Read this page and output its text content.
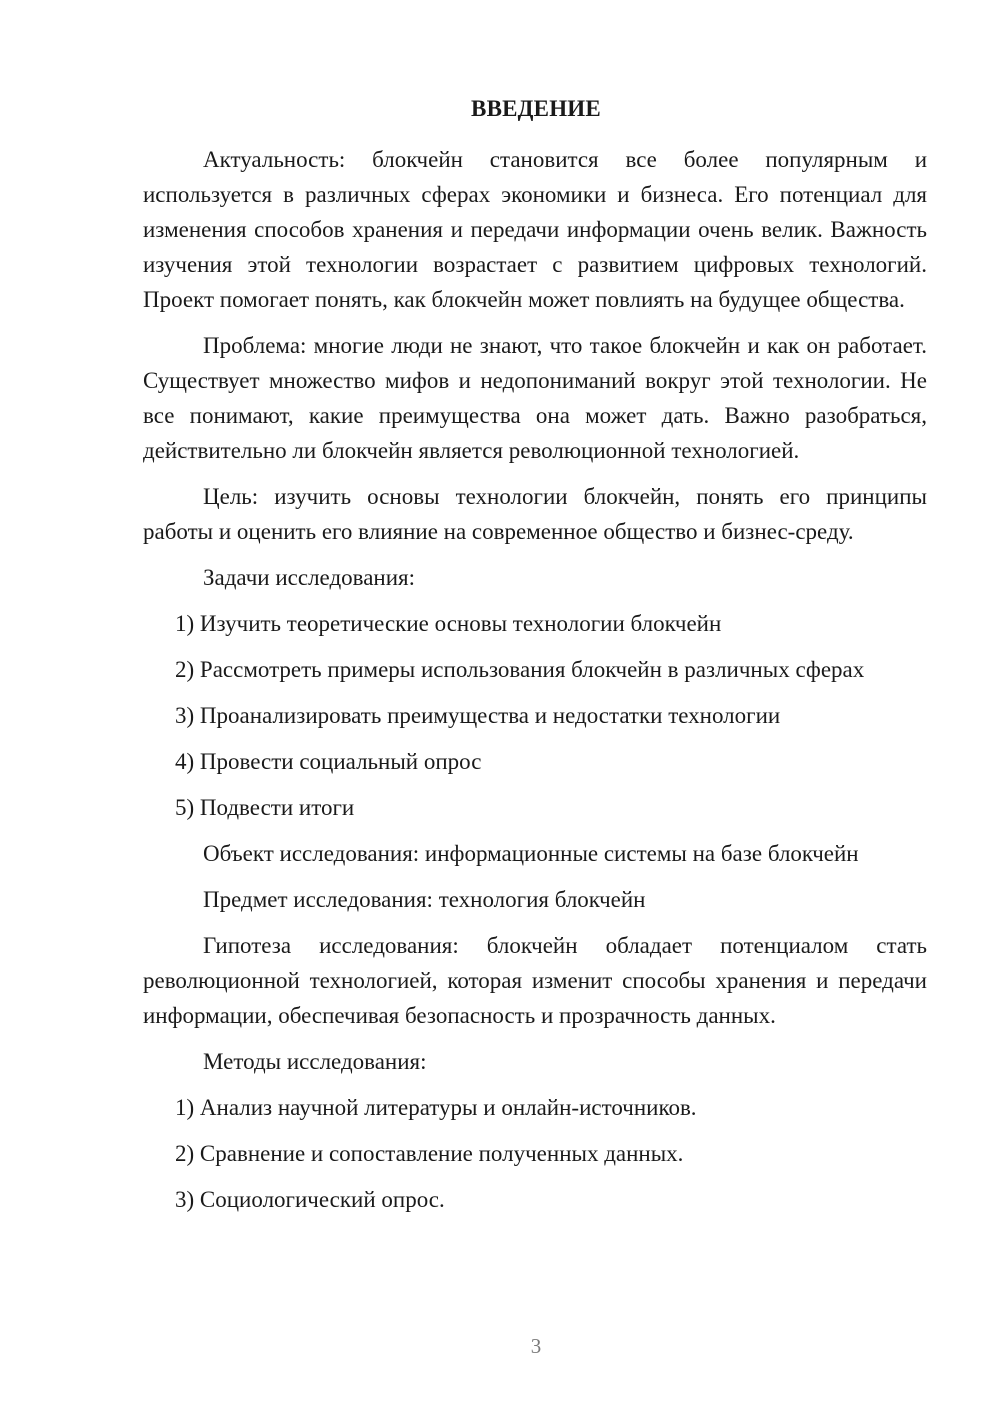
ВВЕДЕНИЕ

Актуальность: блокчейн становится все более популярным и используется в различных сферах экономики и бизнеса. Его потенциал для изменения способов хранения и передачи информации очень велик. Важность изучения этой технологии возрастает с развитием цифровых технологий. Проект помогает понять, как блокчейн может повлиять на будущее общества.

Проблема: многие люди не знают, что такое блокчейн и как он работает. Существует множество мифов и недопониманий вокруг этой технологии. Не все понимают, какие преимущества она может дать. Важно разобраться, действительно ли блокчейн является революционной технологией.

Цель: изучить основы технологии блокчейн, понять его принципы работы и оценить его влияние на современное общество и бизнес-среду.

Задачи исследования:

1) Изучить теоретические основы технологии блокчейн
2) Рассмотреть примеры использования блокчейн в различных сферах
3) Проанализировать преимущества и недостатки технологии
4) Провести социальный опрос
5) Подвести итоги

Объект исследования: информационные системы на базе блокчейн

Предмет исследования: технология блокчейн

Гипотеза исследования: блокчейн обладает потенциалом стать революционной технологией, которая изменит способы хранения и передачи информации, обеспечивая безопасность и прозрачность данных.

Методы исследования:

1) Анализ научной литературы и онлайн-источников.
2) Сравнение и сопоставление полученных данных.
3) Социологический опрос.
3
